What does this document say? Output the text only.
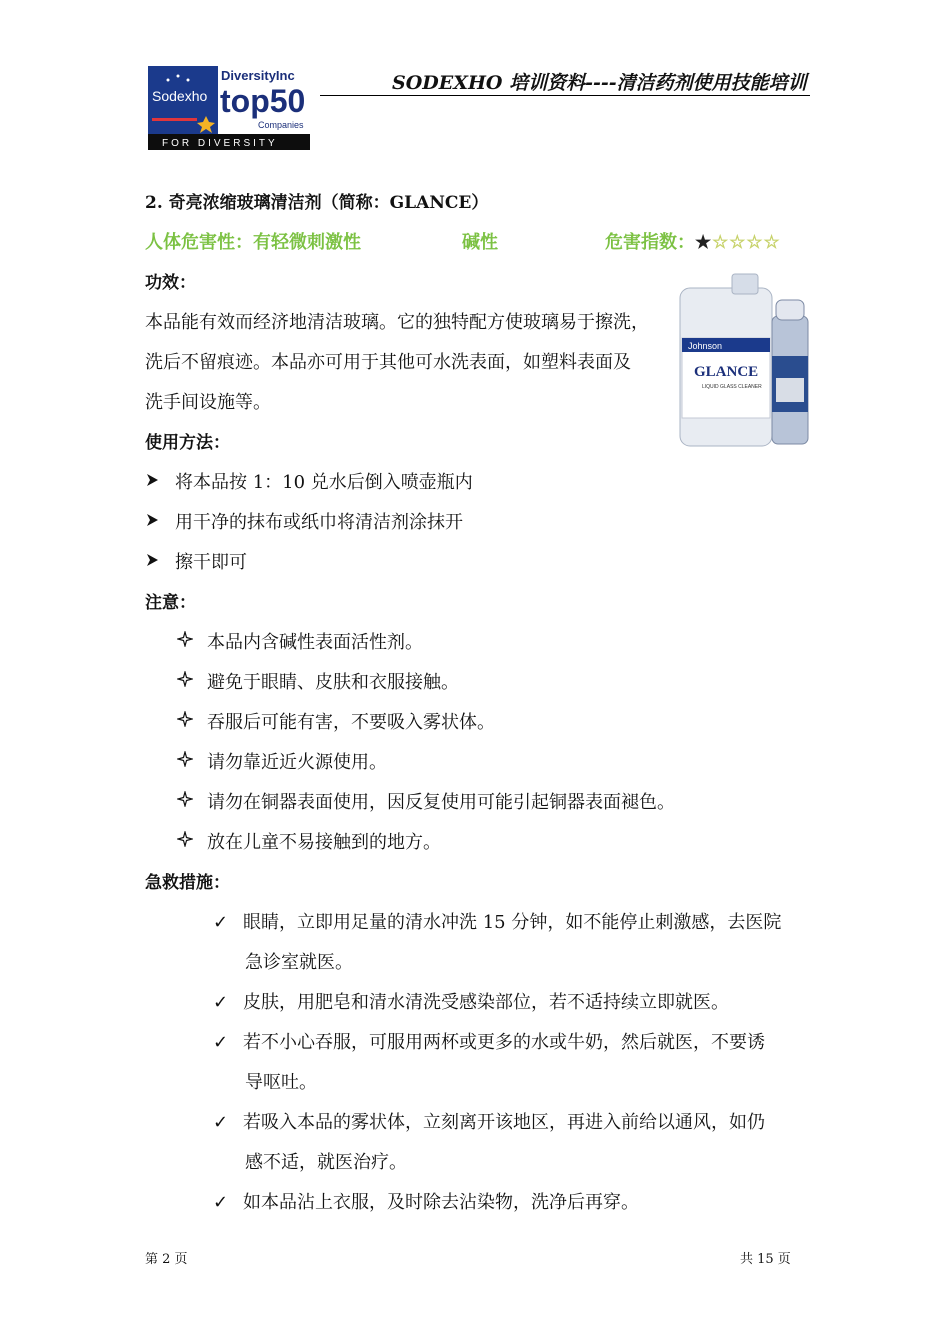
Sodexho
DiversityInc
top50
Companies
FOR DIVERSITY
SODEXHO 培训资料----清洁药剂使用技能培训
2. 奇亮浓缩玻璃清洁剂（简称：GLANCE）
人体危害性：有轻微刺激性	碱性	危害指数：★☆☆☆☆
功效：
本品能有效而经济地清洁玻璃。它的独特配方使玻璃易于擦洗，
洗后不留痕迹。本品亦可用于其他可水洗表面，如塑料表面及
洗手间设施等。
Johnson
GLANCE
LIQUID GLASS CLEANER
使用方法：
将本品按 1：10 兑水后倒入喷壶瓶内
用干净的抹布或纸巾将清洁剂涂抹开
擦干即可
注意：
本品内含碱性表面活性剂。
避免于眼睛、皮肤和衣服接触。
吞服后可能有害，不要吸入雾状体。
请勿靠近近火源使用。
请勿在铜器表面使用，因反复使用可能引起铜器表面褪色。
放在儿童不易接触到的地方。
急救措施：
✓ 眼睛，立即用足量的清水冲洗 15 分钟，如不能停止刺激感，去医院
急诊室就医。
✓ 皮肤，用肥皂和清水清洗受感染部位，若不适持续立即就医。
✓ 若不小心吞服，可服用两杯或更多的水或牛奶，然后就医，不要诱
导呕吐。
✓ 若吸入本品的雾状体，立刻离开该地区，再进入前给以通风，如仍
感不适，就医治疗。
✓ 如本品沾上衣服，及时除去沾染物，洗净后再穿。
第 2 页	共 15 页
